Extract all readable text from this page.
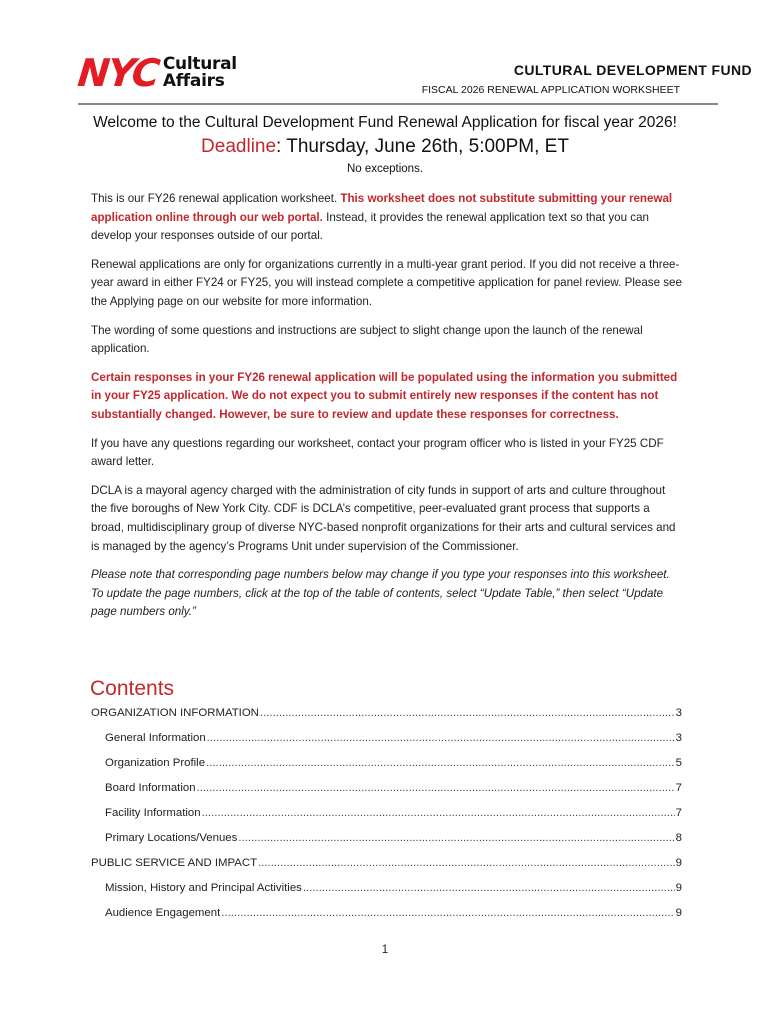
NYC Cultural
Affairs
CULTURAL DEVELOPMENT FUND
FISCAL 2026 RENEWAL APPLICATION WORKSHEET
Welcome to the Cultural Development Fund Renewal Application for fiscal year 2026!
Deadline: Thursday, June 26th, 5:00PM, ET
No exceptions.

This is our FY26 renewal application worksheet. This worksheet does not substitute submitting your renewal application online through our web portal. Instead, it provides the renewal application text so that you can develop your responses outside of our portal.

Renewal applications are only for organizations currently in a multi-year grant period. If you did not receive a three-year award in either FY24 or FY25, you will instead complete a competitive application for panel review. Please see the Applying page on our website for more information.

The wording of some questions and instructions are subject to slight change upon the launch of the renewal application.

Certain responses in your FY26 renewal application will be populated using the information you submitted in your FY25 application. We do not expect you to submit entirely new responses if the content has not substantially changed. However, be sure to review and update these responses for correctness.

If you have any questions regarding our worksheet, contact your program officer who is listed in your FY25 CDF award letter.

DCLA is a mayoral agency charged with the administration of city funds in support of arts and culture throughout the five boroughs of New York City. CDF is DCLA’s competitive, peer-evaluated grant process that supports a broad, multidisciplinary group of diverse NYC-based nonprofit organizations for their arts and cultural services and is managed by the agency’s Programs Unit under supervision of the Commissioner.

Please note that corresponding page numbers below may change if you type your responses into this worksheet. To update the page numbers, click at the top of the table of contents, select “Update Table,” then select “Update page numbers only.”

Contents
ORGANIZATION INFORMATION .....	3
General Information .....	3
Organization Profile .....	5
Board Information .....	7
Facility Information .....	7
Primary Locations/Venues .....	8
PUBLIC SERVICE AND IMPACT .....	9
Mission, History and Principal Activities .....	9
Audience Engagement .....	9
1
